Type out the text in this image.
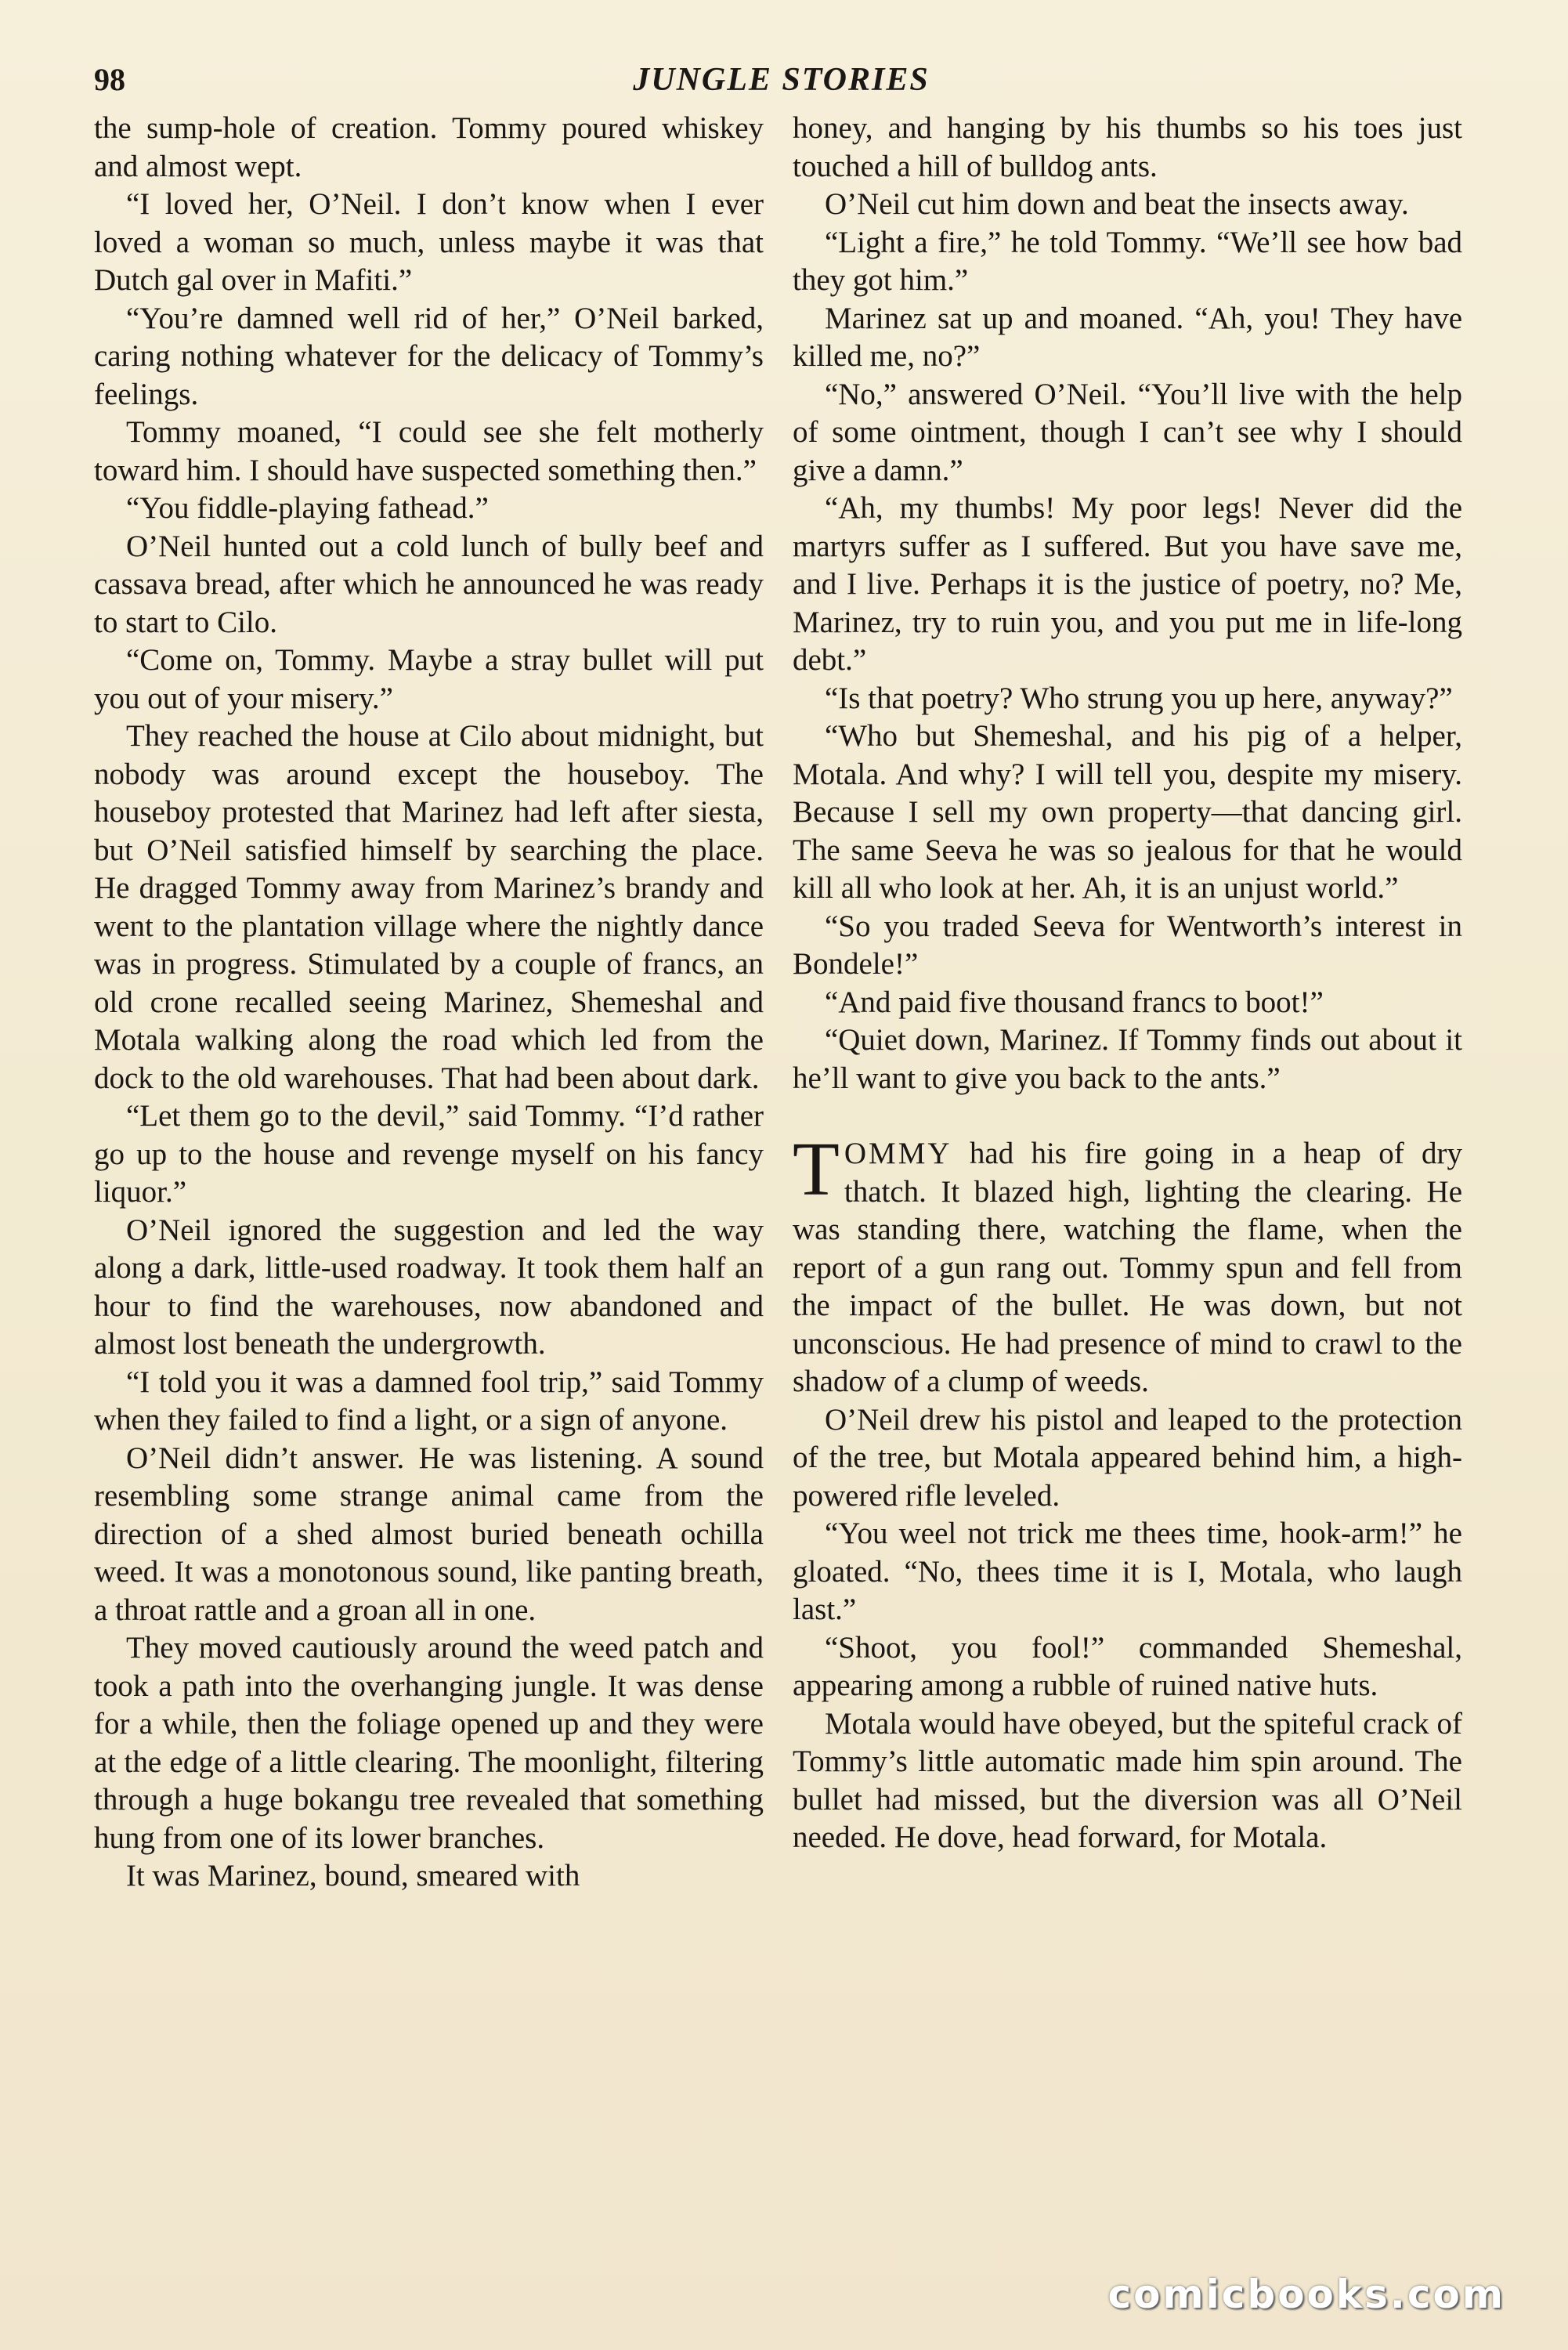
98	JUNGLE STORIES

the sump-hole of creation. Tommy poured whiskey and almost wept.

“I loved her, O’Neil. I don’t know when I ever loved a woman so much, unless maybe it was that Dutch gal over in Mafiti.”

“You’re damned well rid of her,” O’Neil barked, caring nothing whatever for the delicacy of Tommy’s feelings.

Tommy moaned, “I could see she felt motherly toward him. I should have suspected something then.”

“You fiddle-playing fathead.”

O’Neil hunted out a cold lunch of bully beef and cassava bread, after which he announced he was ready to start to Cilo.

“Come on, Tommy. Maybe a stray bullet will put you out of your misery.”

They reached the house at Cilo about midnight, but nobody was around except the houseboy. The houseboy protested that Marinez had left after siesta, but O’Neil satisfied himself by searching the place. He dragged Tommy away from Marinez’s brandy and went to the plantation village where the nightly dance was in progress. Stimulated by a couple of francs, an old crone recalled seeing Marinez, Shemeshal and Motala walking along the road which led from the dock to the old warehouses. That had been about dark.

“Let them go to the devil,” said Tommy. “I’d rather go up to the house and revenge myself on his fancy liquor.”

O’Neil ignored the suggestion and led the way along a dark, little-used roadway. It took them half an hour to find the warehouses, now abandoned and almost lost beneath the undergrowth.

“I told you it was a damned fool trip,” said Tommy when they failed to find a light, or a sign of anyone.

O’Neil didn’t answer. He was listening. A sound resembling some strange animal came from the direction of a shed almost buried beneath ochilla weed. It was a monotonous sound, like panting breath, a throat rattle and a groan all in one.

They moved cautiously around the weed patch and took a path into the overhanging jungle. It was dense for a while, then the foliage opened up and they were at the edge of a little clearing. The moonlight, filtering through a huge bokangu tree revealed that something hung from one of its lower branches.

It was Marinez, bound, smeared with

honey, and hanging by his thumbs so his toes just touched a hill of bulldog ants.

O’Neil cut him down and beat the insects away.

“Light a fire,” he told Tommy. “We’ll see how bad they got him.”

Marinez sat up and moaned. “Ah, you! They have killed me, no?”

“No,” answered O’Neil. “You’ll live with the help of some ointment, though I can’t see why I should give a damn.”

“Ah, my thumbs! My poor legs! Never did the martyrs suffer as I suffered. But you have save me, and I live. Perhaps it is the justice of poetry, no? Me, Marinez, try to ruin you, and you put me in life-long debt.”

“Is that poetry? Who strung you up here, anyway?”

“Who but Shemeshal, and his pig of a helper, Motala. And why? I will tell you, despite my misery. Because I sell my own property—that dancing girl. The same Seeva he was so jealous for that he would kill all who look at her. Ah, it is an unjust world.”

“So you traded Seeva for Wentworth’s interest in Bondele!”

“And paid five thousand francs to boot!”

“Quiet down, Marinez. If Tommy finds out about it he’ll want to give you back to the ants.”

TOMMY had his fire going in a heap of dry thatch. It blazed high, lighting the clearing. He was standing there, watching the flame, when the report of a gun rang out. Tommy spun and fell from the impact of the bullet. He was down, but not unconscious. He had presence of mind to crawl to the shadow of a clump of weeds.

O’Neil drew his pistol and leaped to the protection of the tree, but Motala appeared behind him, a high-powered rifle leveled.

“You weel not trick me thees time, hook-arm!” he gloated. “No, thees time it is I, Motala, who laugh last.”

“Shoot, you fool!” commanded Shemeshal, appearing among a rubble of ruined native huts.

Motala would have obeyed, but the spiteful crack of Tommy’s little automatic made him spin around. The bullet had missed, but the diversion was all O’Neil needed. He dove, head forward, for Motala.

comicbooks.com
